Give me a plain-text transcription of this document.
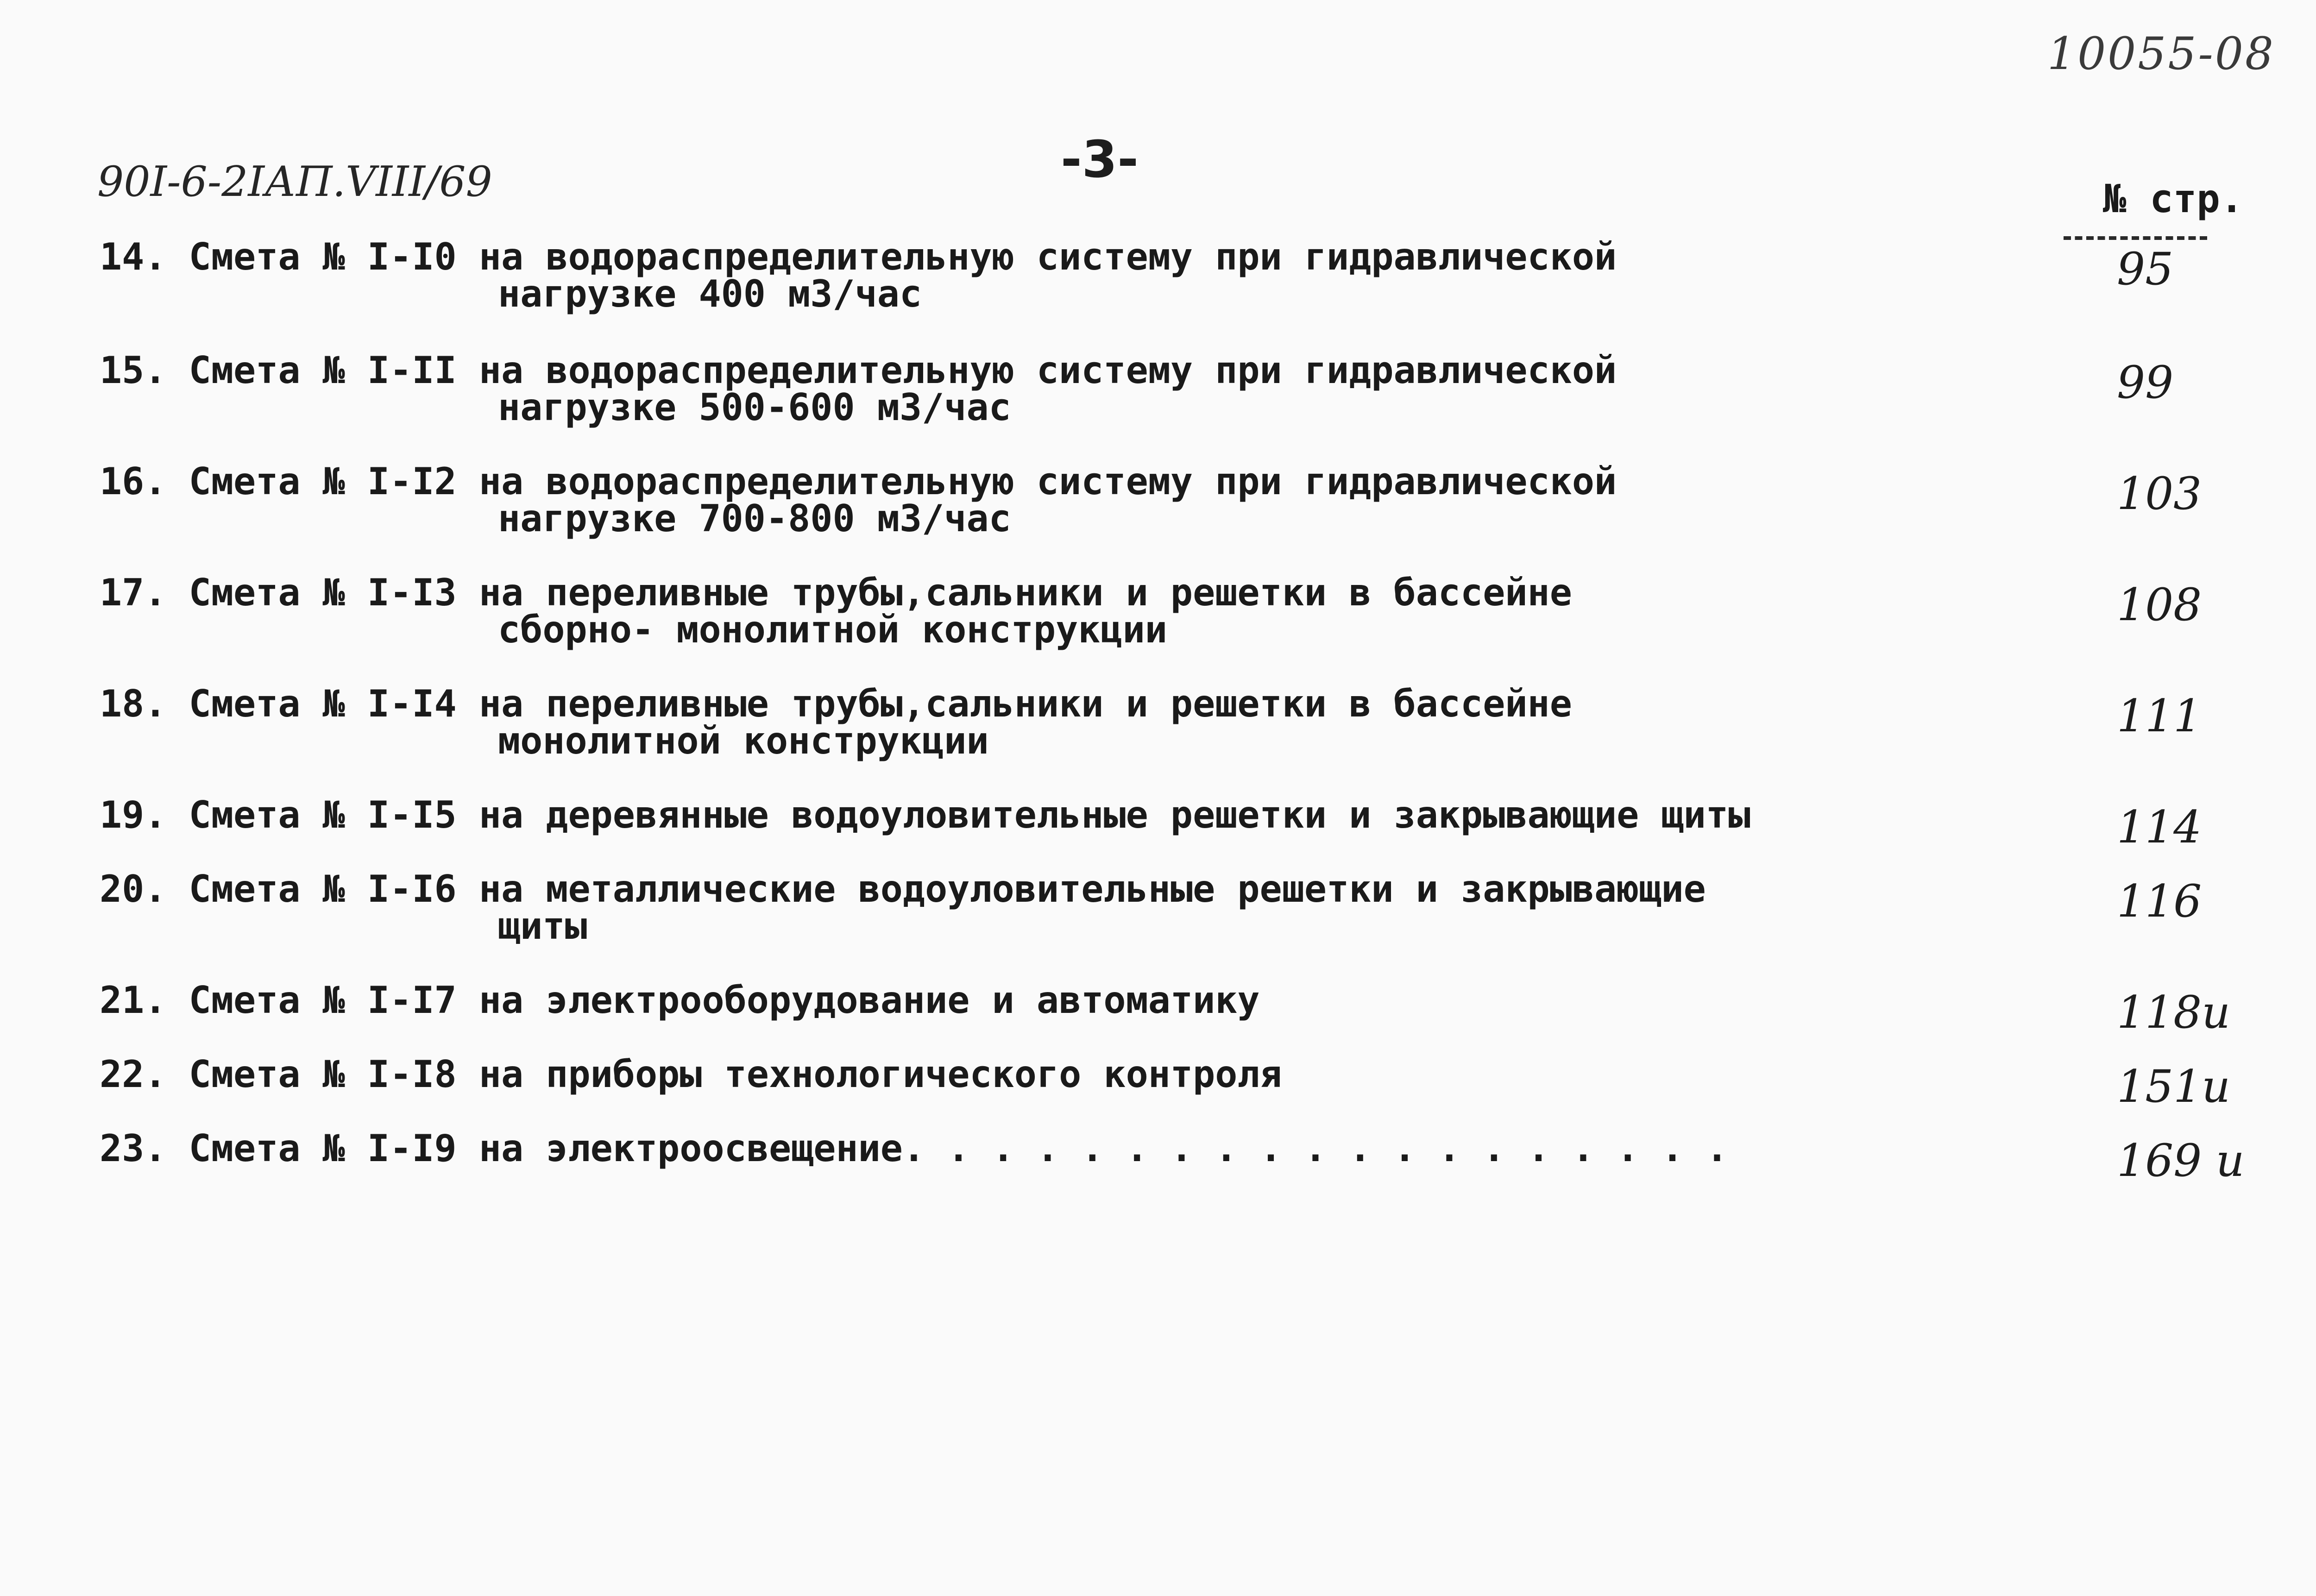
10055-08
90I-6-2IАП.VIII/69	-3-
№ стр.
14. Смета № I-I0 на водораспределительную систему при гидравлической
нагрузке 400 м3/час	95
15. Смета № I-II на водораспределительную систему при гидравлической
нагрузке 500-600 м3/час	99
16. Смета № I-I2 на водораспределительную систему при гидравлической
нагрузке 700-800 м3/час	103
17. Смета № I-I3 на переливные трубы,сальники и решетки в бассейне
сборно- монолитной конструкции	108
18. Смета № I-I4 на переливные трубы,сальники и решетки в бассейне
монолитной конструкции	111
19. Смета № I-I5 на деревянные водоуловительные решетки и закрывающие щиты	114
20. Смета № I-I6 на металлические водоуловительные решетки и закрывающие
щиты	116
21. Смета № I-I7 на электрооборудование и автоматику	118и
22. Смета № I-I8 на приборы технологического контроля	151и
23. Смета № I-I9 на электроосвещение. . . . . . . . . . . . . . . . . . .	169 и
